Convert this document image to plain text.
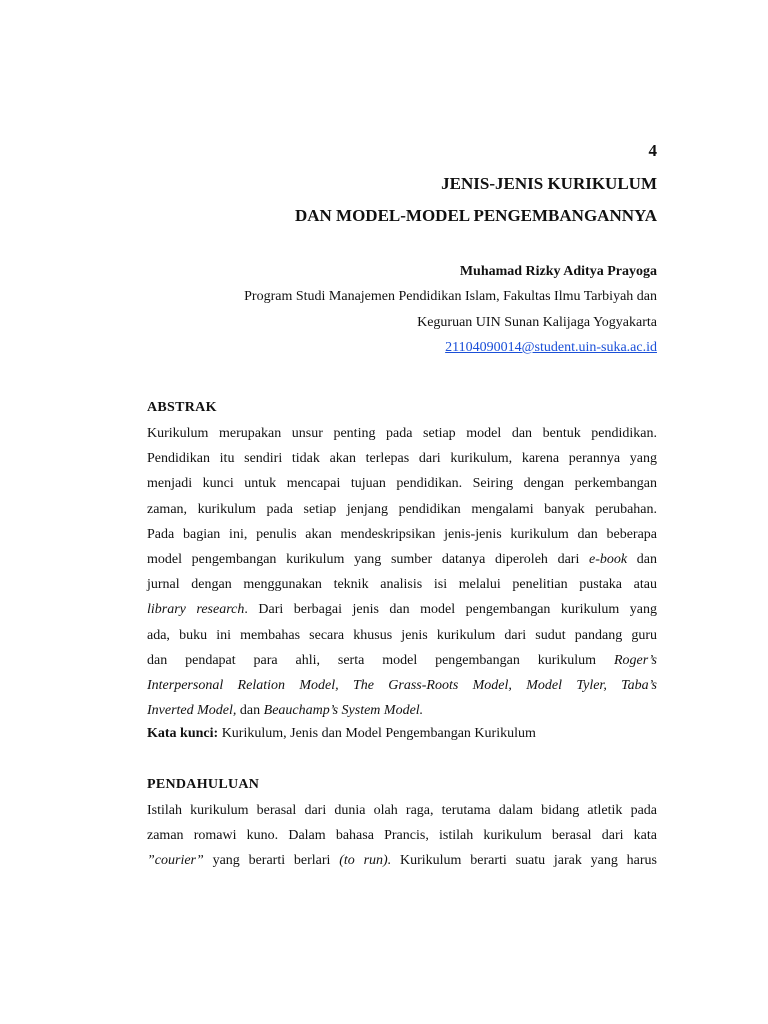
4
JENIS-JENIS KURIKULUM
DAN MODEL-MODEL PENGEMBANGANNYA
Muhamad Rizky Aditya Prayoga
Program Studi Manajemen Pendidikan Islam, Fakultas Ilmu Tarbiyah dan
Keguruan UIN Sunan Kalijaga Yogyakarta
21104090014@student.uin-suka.ac.id
ABSTRAK
Kurikulum merupakan unsur penting pada setiap model dan bentuk pendidikan.
Pendidikan itu sendiri tidak akan terlepas dari kurikulum, karena perannya yang
menjadi kunci untuk mencapai tujuan pendidikan. Seiring dengan perkembangan
zaman, kurikulum pada setiap jenjang pendidikan mengalami banyak perubahan.
Pada bagian ini, penulis akan mendeskripsikan jenis-jenis kurikulum dan beberapa
model pengembangan kurikulum yang sumber datanya diperoleh dari e-book dan
jurnal dengan menggunakan teknik analisis isi melalui penelitian pustaka atau
library research. Dari berbagai jenis dan model pengembangan kurikulum yang
ada, buku ini membahas secara khusus jenis kurikulum dari sudut pandang guru
dan pendapat para ahli, serta model pengembangan kurikulum Roger’s
Interpersonal Relation Model, The Grass-Roots Model, Model Tyler, Taba’s
Inverted Model, dan Beauchamp’s System Model.
Kata kunci: Kurikulum, Jenis dan Model Pengembangan Kurikulum
PENDAHULUAN
Istilah kurikulum berasal dari dunia olah raga, terutama dalam bidang atletik pada
zaman romawi kuno. Dalam bahasa Prancis, istilah kurikulum berasal dari kata
”courier” yang berarti berlari (to run). Kurikulum berarti suatu jarak yang harus
